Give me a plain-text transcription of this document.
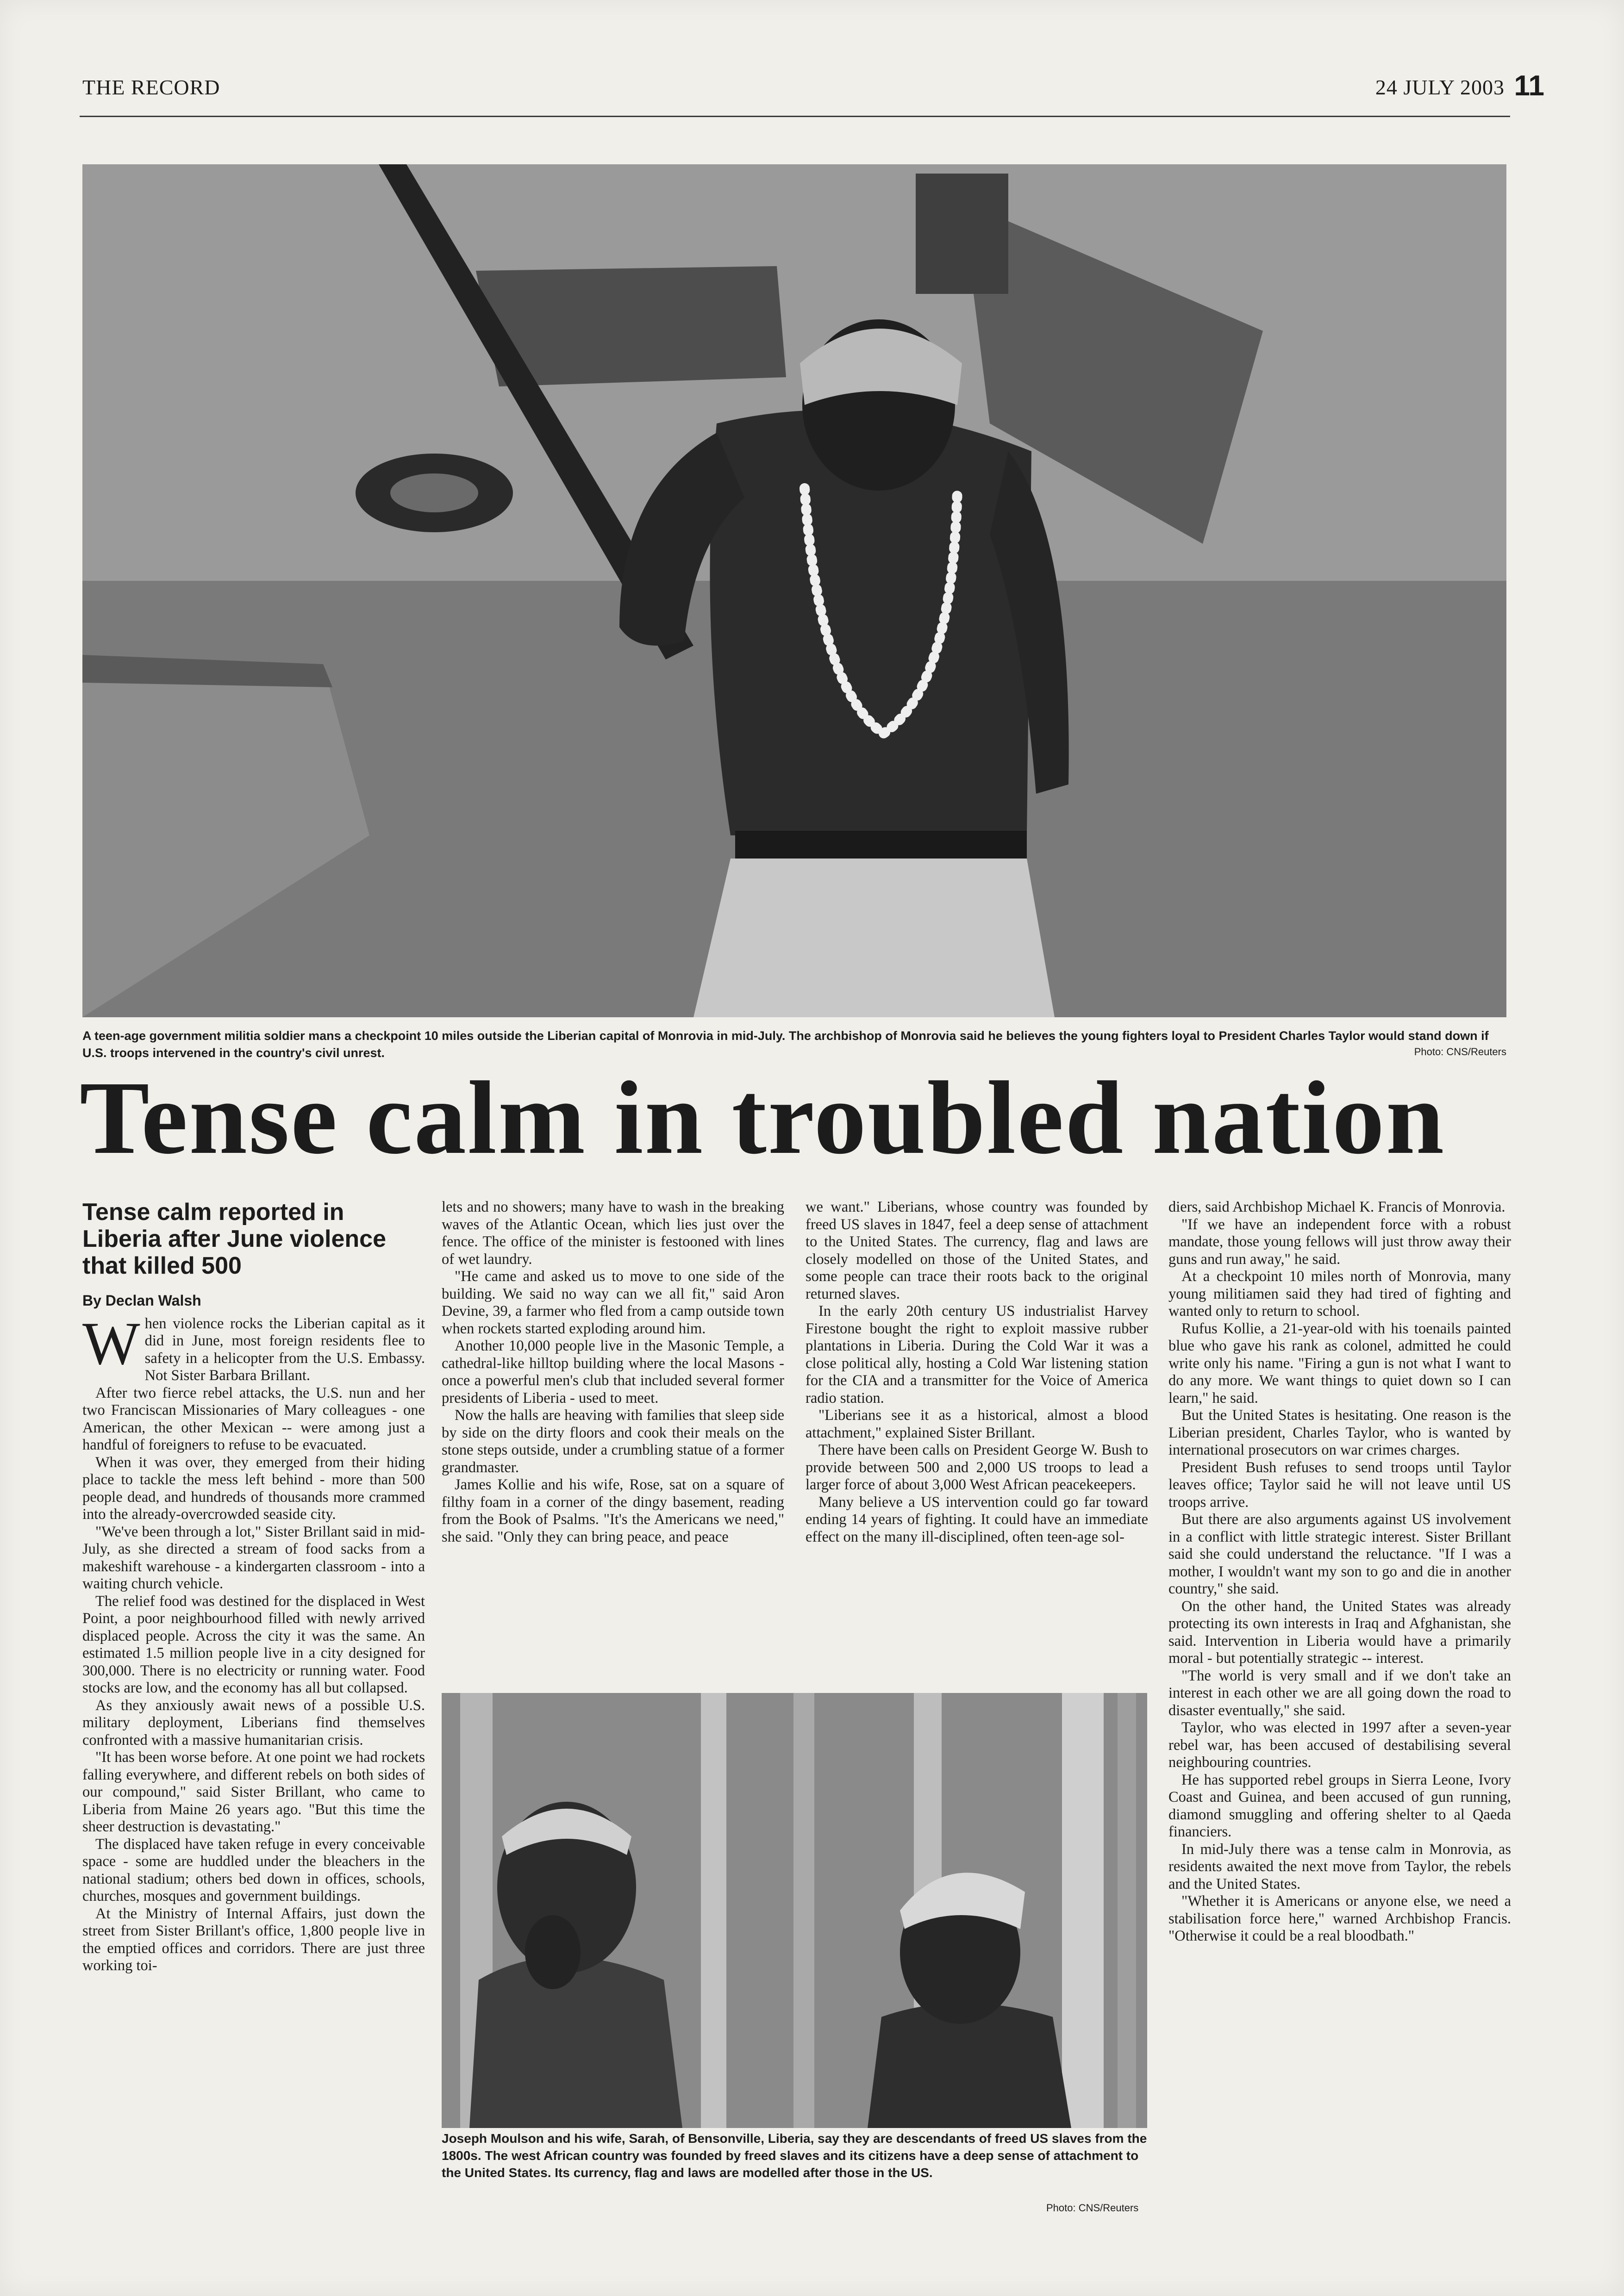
THE RECORD	24 JULY 2003 11
A teen-age government militia soldier mans a checkpoint 10 miles outside the Liberian capital of Monrovia in mid-July. The archbishop of Monrovia said he believes the young fighters loyal to President Charles Taylor would stand down if U.S. troops intervened in the country's civil unrest.	Photo: CNS/Reuters
Tense calm in troubled nation
Tense calm reported in Liberia after June violence that killed 500
By Declan Walsh

When violence rocks the Liberian capital as it did in June, most foreign residents flee to safety in a helicopter from the U.S. Embassy. Not Sister Barbara Brillant.

After two fierce rebel attacks, the U.S. nun and her two Franciscan Missionaries of Mary colleagues - one American, the other Mexican -- were among just a handful of foreigners to refuse to be evacuated.

When it was over, they emerged from their hiding place to tackle the mess left behind - more than 500 people dead, and hundreds of thousands more crammed into the already-overcrowded seaside city.

"We've been through a lot," Sister Brillant said in mid-July, as she directed a stream of food sacks from a makeshift warehouse - a kindergarten classroom - into a waiting church vehicle.

The relief food was destined for the displaced in West Point, a poor neighbourhood filled with newly arrived displaced people. Across the city it was the same. An estimated 1.5 million people live in a city designed for 300,000. There is no electricity or running water. Food stocks are low, and the economy has all but collapsed.

As they anxiously await news of a possible U.S. military deployment, Liberians find themselves confronted with a massive humanitarian crisis.

"It has been worse before. At one point we had rockets falling everywhere, and different rebels on both sides of our compound," said Sister Brillant, who came to Liberia from Maine 26 years ago. "But this time the sheer destruction is devastating."

The displaced have taken refuge in every conceivable space - some are huddled under the bleachers in the national stadium; others bed down in offices, schools, churches, mosques and government buildings.

At the Ministry of Internal Affairs, just down the street from Sister Brillant's office, 1,800 people live in the emptied offices and corridors. There are just three working toi-

lets and no showers; many have to wash in the breaking waves of the Atlantic Ocean, which lies just over the fence. The office of the minister is festooned with lines of wet laundry.

"He came and asked us to move to one side of the building. We said no way can we all fit," said Aron Devine, 39, a farmer who fled from a camp outside town when rockets started exploding around him.

Another 10,000 people live in the Masonic Temple, a cathedral-like hilltop building where the local Masons - once a powerful men's club that included several former presidents of Liberia - used to meet.

Now the halls are heaving with families that sleep side by side on the dirty floors and cook their meals on the stone steps outside, under a crumbling statue of a former grandmaster.

James Kollie and his wife, Rose, sat on a square of filthy foam in a corner of the dingy basement, reading from the Book of Psalms. "It's the Americans we need," she said. "Only they can bring peace, and peace

we want." Liberians, whose country was founded by freed US slaves in 1847, feel a deep sense of attachment to the United States. The currency, flag and laws are closely modelled on those of the United States, and some people can trace their roots back to the original returned slaves.

In the early 20th century US industrialist Harvey Firestone bought the right to exploit massive rubber plantations in Liberia. During the Cold War it was a close political ally, hosting a Cold War listening station for the CIA and a transmitter for the Voice of America radio station.

"Liberians see it as a historical, almost a blood attachment," explained Sister Brillant.

There have been calls on President George W. Bush to provide between 500 and 2,000 US troops to lead a larger force of about 3,000 West African peacekeepers.

Many believe a US intervention could go far toward ending 14 years of fighting. It could have an immediate effect on the many ill-disciplined, often teen-age sol-

diers, said Archbishop Michael K. Francis of Monrovia.

"If we have an independent force with a robust mandate, those young fellows will just throw away their guns and run away," he said.

At a checkpoint 10 miles north of Monrovia, many young militiamen said they had tired of fighting and wanted only to return to school.

Rufus Kollie, a 21-year-old with his toenails painted blue who gave his rank as colonel, admitted he could write only his name. "Firing a gun is not what I want to do any more. We want things to quiet down so I can learn," he said.

But the United States is hesitating. One reason is the Liberian president, Charles Taylor, who is wanted by international prosecutors on war crimes charges.

President Bush refuses to send troops until Taylor leaves office; Taylor said he will not leave until US troops arrive.

But there are also arguments against US involvement in a conflict with little strategic interest. Sister Brillant said she could understand the reluctance. "If I was a mother, I wouldn't want my son to go and die in another country," she said.

On the other hand, the United States was already protecting its own interests in Iraq and Afghanistan, she said. Intervention in Liberia would have a primarily moral - but potentially strategic -- interest.

"The world is very small and if we don't take an interest in each other we are all going down the road to disaster eventually," she said.

Taylor, who was elected in 1997 after a seven-year rebel war, has been accused of destabilising several neighbouring countries.

He has supported rebel groups in Sierra Leone, Ivory Coast and Guinea, and been accused of gun running, diamond smuggling and offering shelter to al Qaeda financiers.

In mid-July there was a tense calm in Monrovia, as residents awaited the next move from Taylor, the rebels and the United States.

"Whether it is Americans or anyone else, we need a stabilisation force here," warned Archbishop Francis. "Otherwise it could be a real bloodbath."

Joseph Moulson and his wife, Sarah, of Bensonville, Liberia, say they are descendants of freed US slaves from the 1800s. The west African country was founded by freed slaves and its citizens have a deep sense of attachment to the United States. Its currency, flag and laws are modelled after those in the US.
Photo: CNS/Reuters
